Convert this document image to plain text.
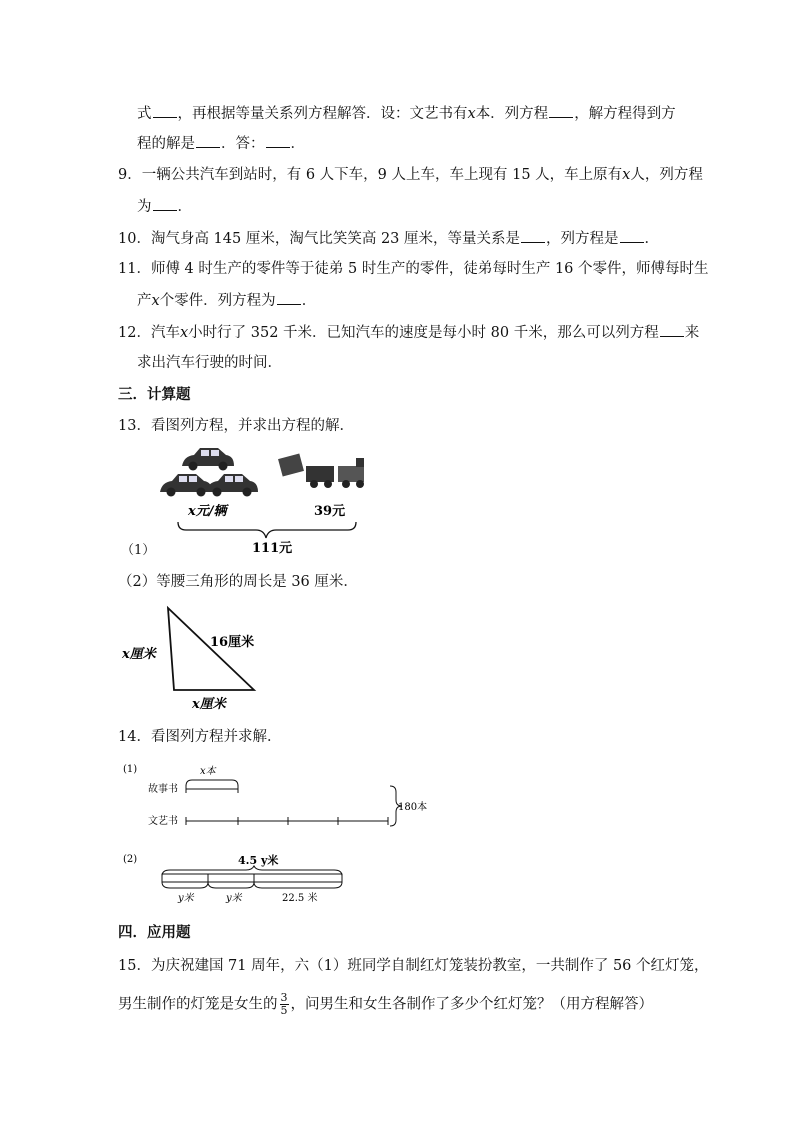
式 ，再根据等量关系列方程解答．设：文艺书有x本．列方程 ，解方程得到方
程的解是 ．答： ．
9．一辆公共汽车到站时，有 6 人下车，9 人上车，车上现有 15 人，车上原有x人，列方程
为 ．
10．淘气身高 145 厘米，淘气比笑笑高 23 厘米，等量关系是 ，列方程是 ．
11．师傅 4 时生产的零件等于徒弟 5 时生产的零件，徒弟每时生产 16 个零件，师傅每时生
产x个零件．列方程为 ．
12．汽车x小时行了 352 千米．已知汽车的速度是每小时 80 千米，那么可以列方程 来
求出汽车行驶的时间．
三．计算题
13．看图列方程，并求出方程的解．
x元/辆	39元
111元
（1）
（2）等腰三角形的周长是 36 厘米．
x厘米
16厘米
x厘米
14．看图列方程并求解．
(1)	x本
故事书
文艺书
180本
(2)	4.5 y米
y米	y米	22.5 米
四．应用题
15．为庆祝建国 71 周年，六（1）班同学自制红灯笼装扮教室，一共制作了 56 个红灯笼，
男生制作的灯笼是女生的 $\frac{3}{5}$ ，问男生和女生各制作了多少个红灯笼？（用方程解答）
